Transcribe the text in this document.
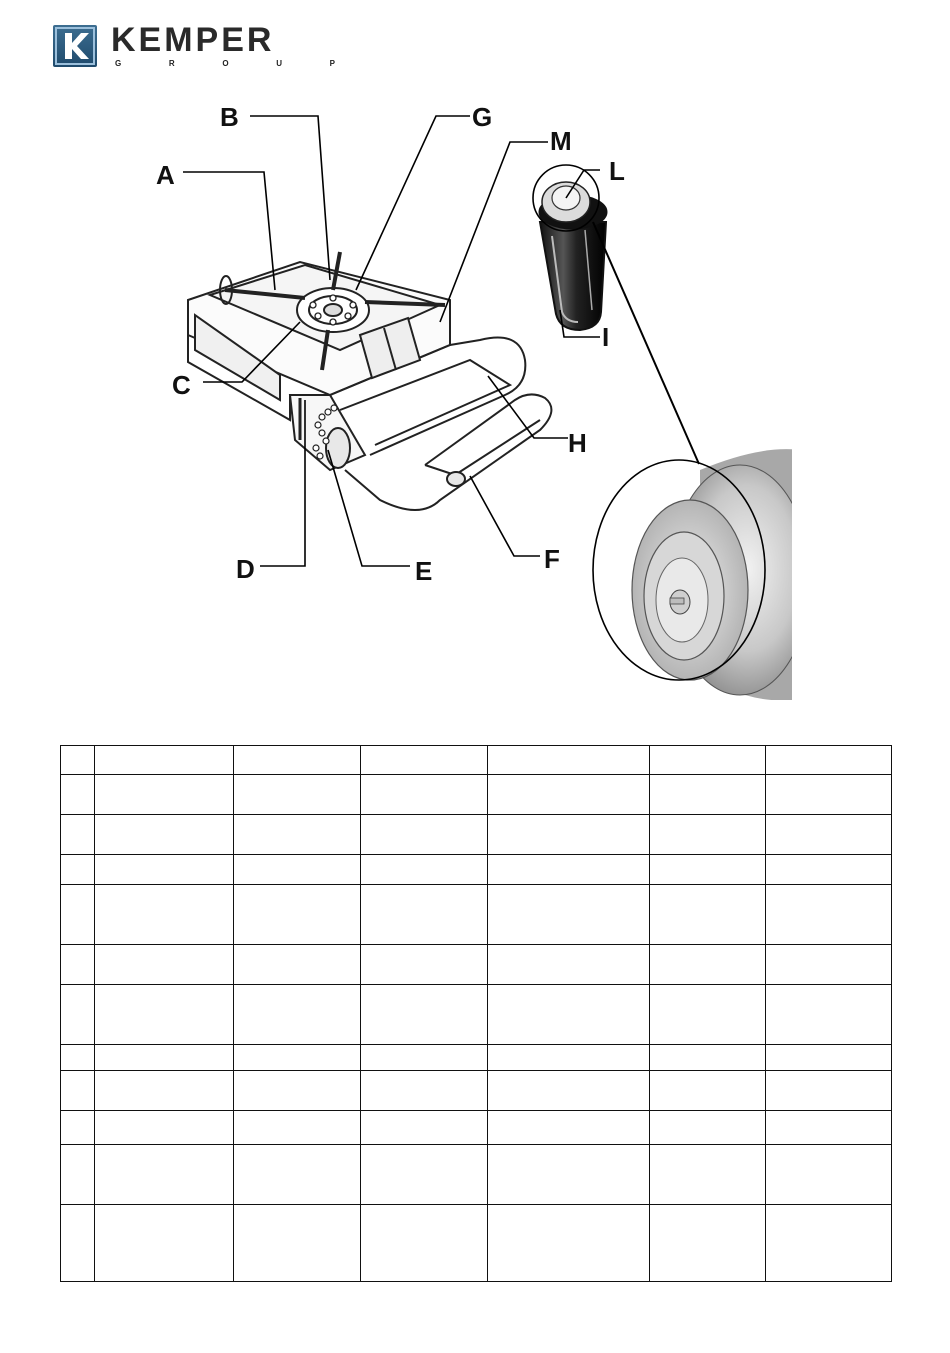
KEMPER
G	R	O	U	P
A
B
C
D	E	F
G
H
I
L
M
